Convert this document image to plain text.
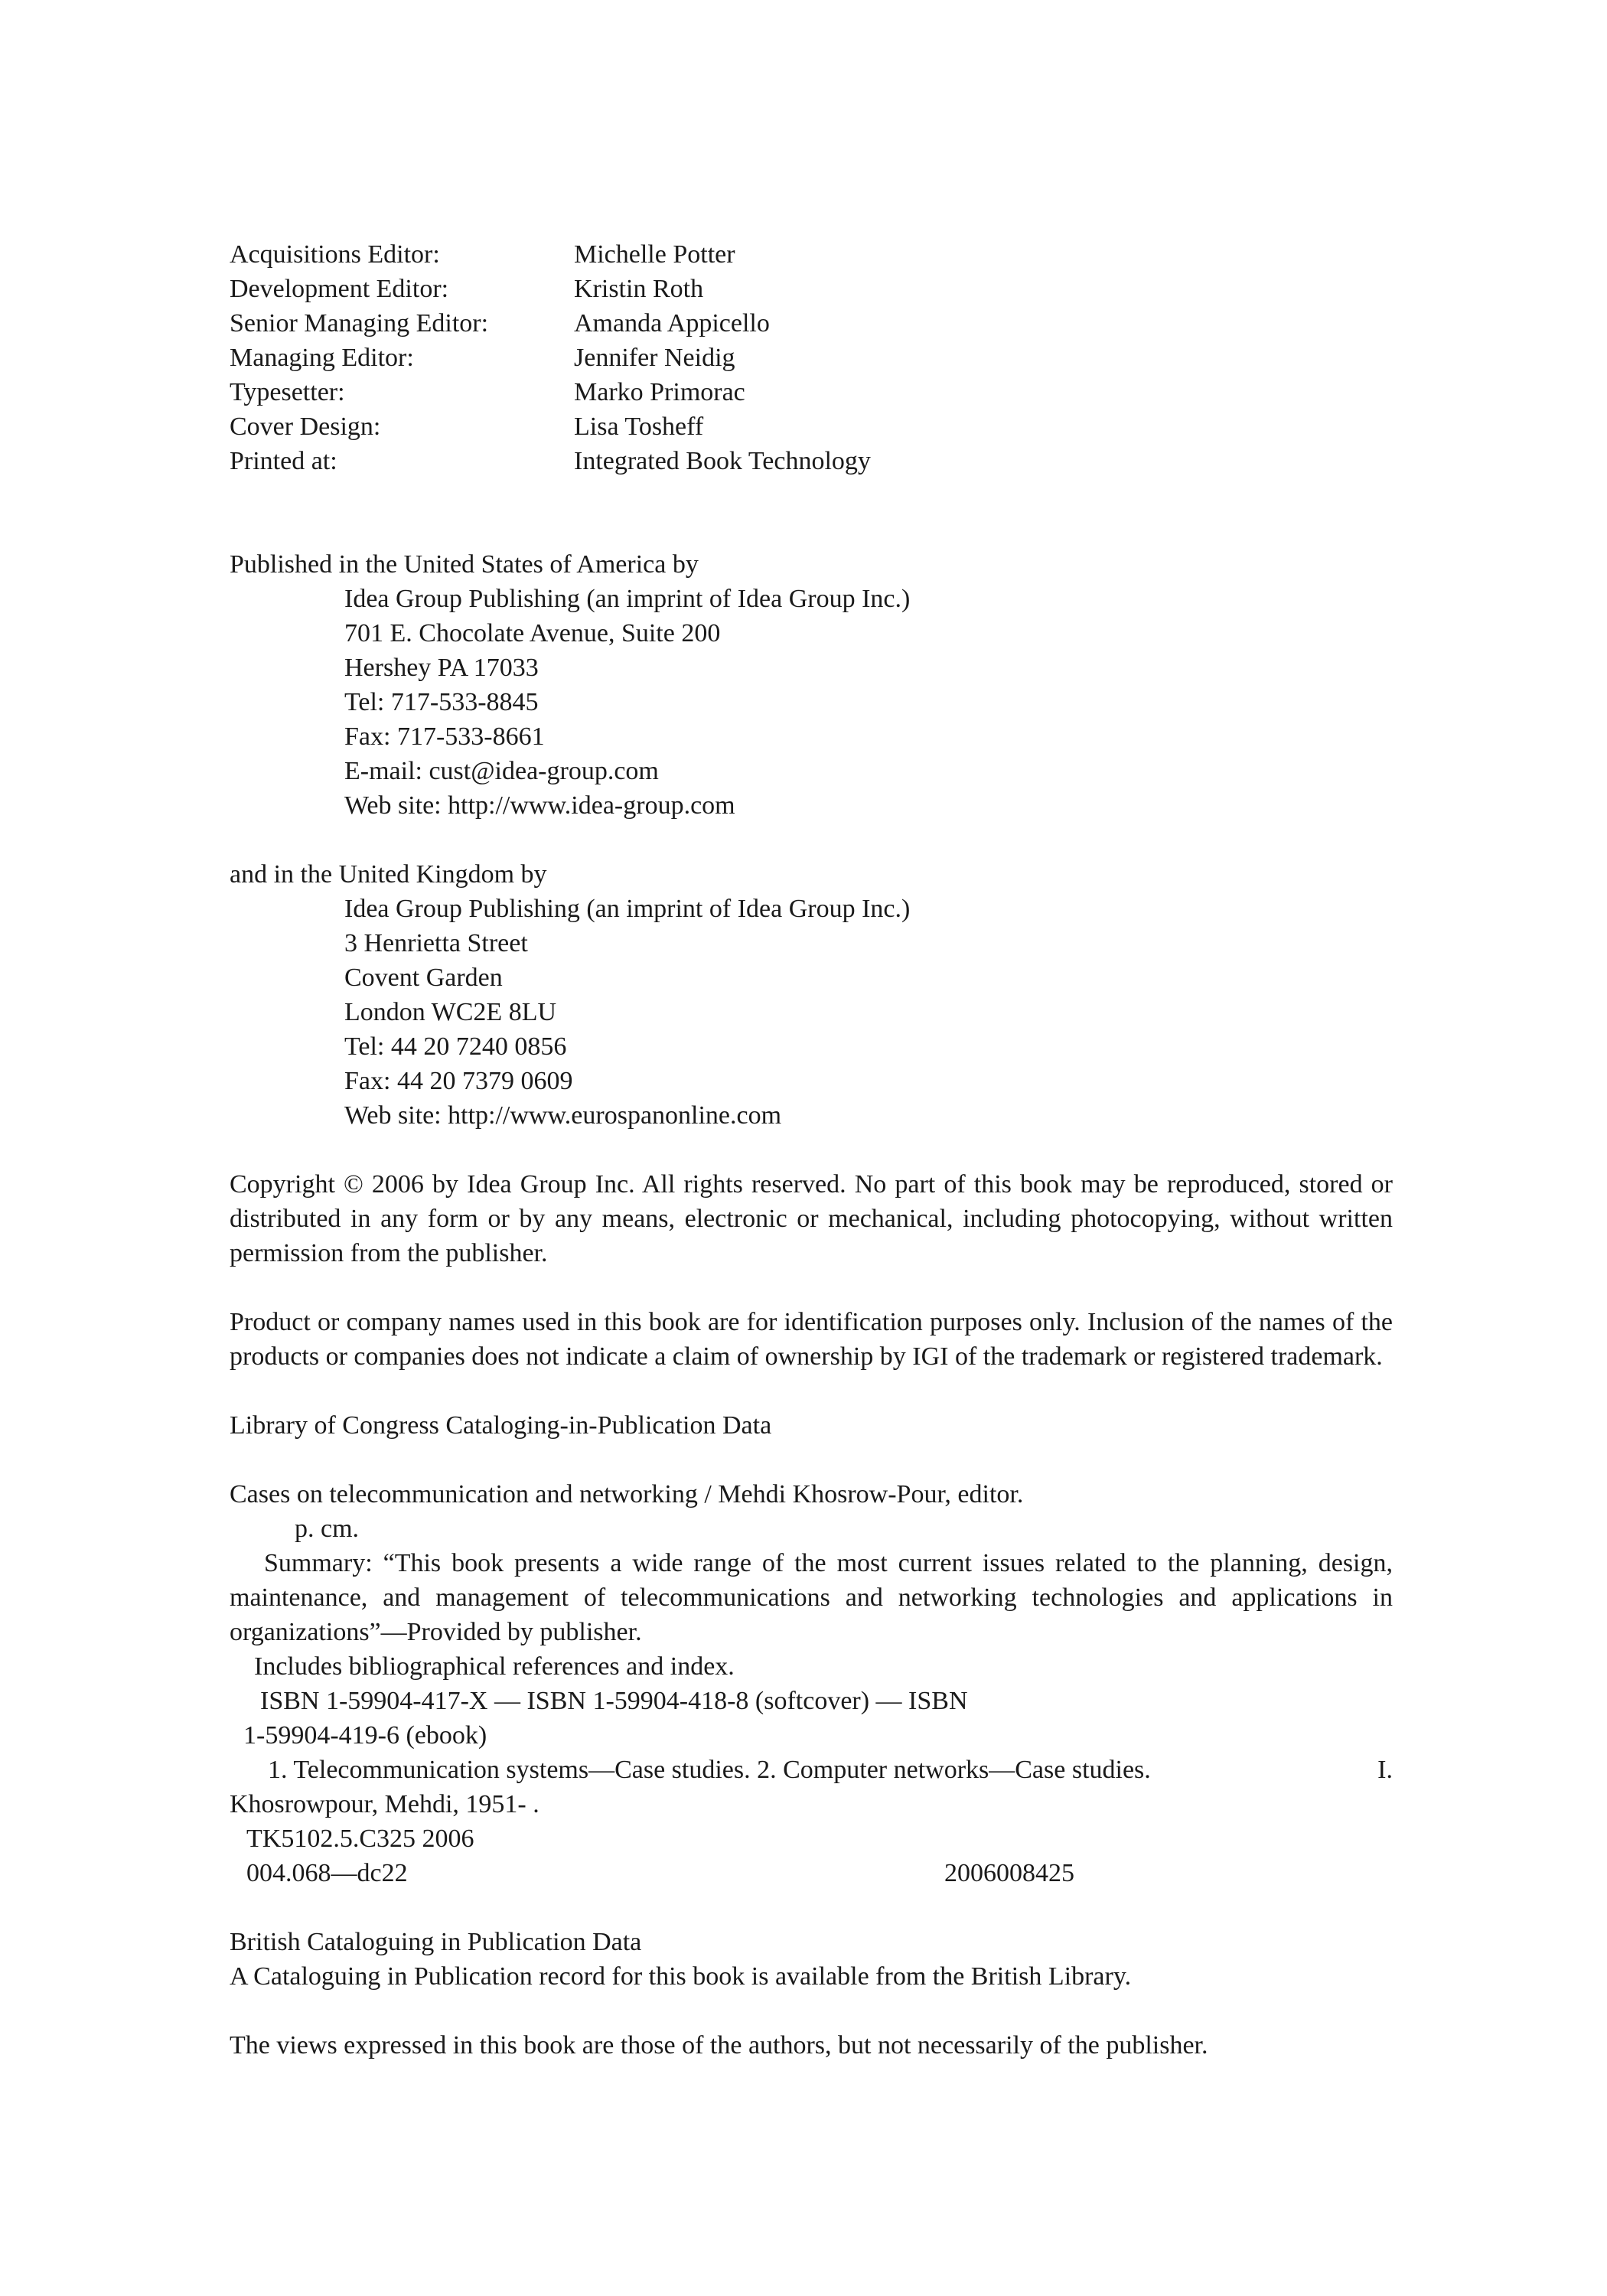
Acquisitions Editor:	Michelle Potter
Development Editor:	Kristin Roth
Senior Managing Editor:	Amanda Appicello
Managing Editor:	Jennifer Neidig
Typesetter:	Marko Primorac
Cover Design:	Lisa Tosheff
Printed at:	Integrated Book Technology
Published in the United States of America by
Idea Group Publishing (an imprint of Idea Group Inc.)
701 E. Chocolate Avenue, Suite 200
Hershey PA 17033
Tel: 717-533-8845
Fax: 717-533-8661
E-mail: cust@idea-group.com
Web site: http://www.idea-group.com
and in the United Kingdom by
Idea Group Publishing (an imprint of Idea Group Inc.)
3 Henrietta Street
Covent Garden
London WC2E 8LU
Tel: 44 20 7240 0856
Fax: 44 20 7379 0609
Web site: http://www.eurospanonline.com

Copyright © 2006 by Idea Group Inc. All rights reserved. No part of this book may be reproduced, stored or distributed in any form or by any means, electronic or mechanical, including photocopying, without written permission from the publisher.

Product or company names used in this book are for identification purposes only. Inclusion of the names of the products or companies does not indicate a claim of ownership by IGI of the trademark or registered trademark.

Library of Congress Cataloging-in-Publication Data
Cases on telecommunication and networking / Mehdi Khosrow-Pour, editor.
p. cm.

Summary: “This book presents a wide range of the most current issues related to the planning, design, maintenance, and management of telecommunications and networking technologies and applications in organizations”—Provided by publisher.

Includes bibliographical references and index.
ISBN 1-59904-417-X — ISBN 1-59904-418-8 (softcover) — ISBN
1-59904-419-6 (ebook)
1. Telecommunication systems—Case studies. 2. Computer networks—Case studies.	I.
Khosrowpour, Mehdi, 1951- .
TK5102.5.C325 2006
004.068—dc22	2006008425
British Cataloguing in Publication Data
A Cataloguing in Publication record for this book is available from the British Library.
The views expressed in this book are those of the authors, but not necessarily of the publisher.
